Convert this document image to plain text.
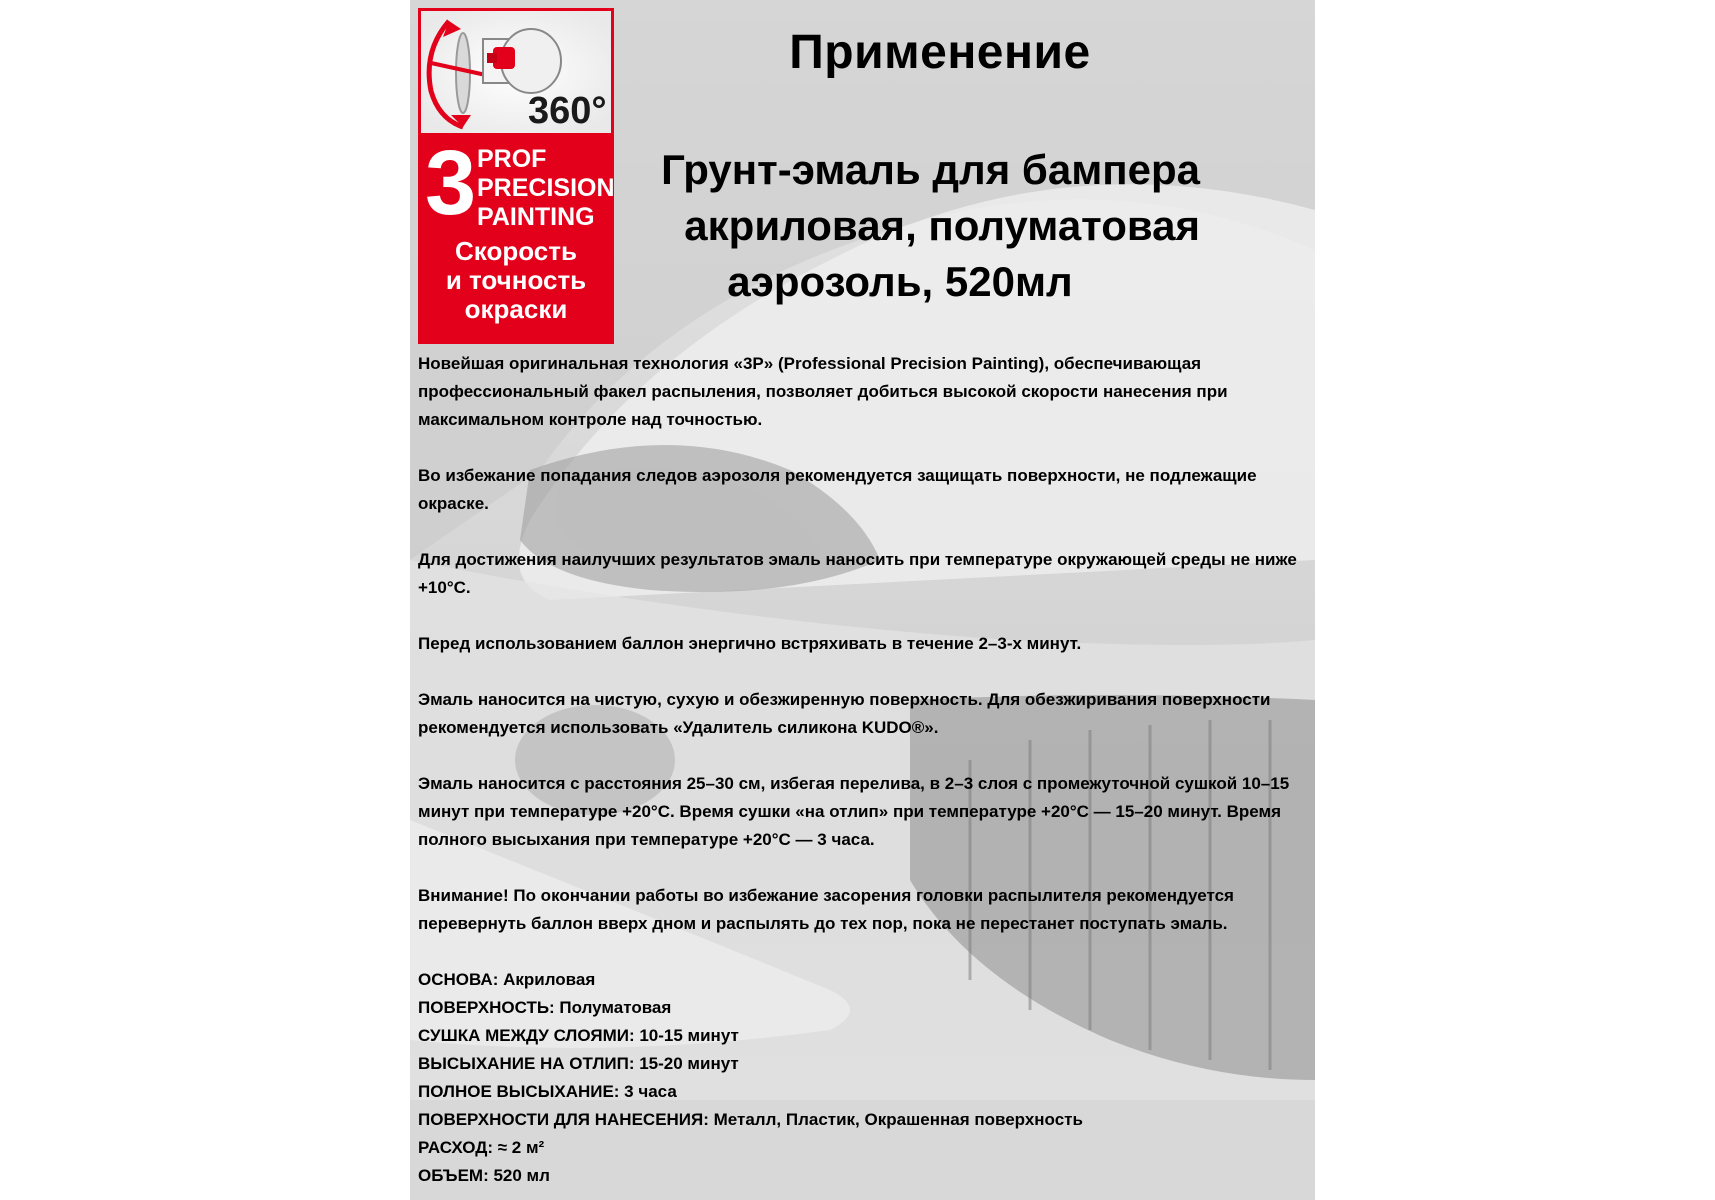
360°
3 PROF
PRECISION
PAINTING
Скорость
и точность
окраски
Применение
Грунт-эмаль для бампера
акриловая, полуматовая
аэрозоль, 520мл

Новейшая оригинальная технология «3Р» (Professional Precision Painting), обеспечивающая профессиональный факел распыления, позволяет добиться высокой скорости нанесения при максимальном контроле над точностью.

Во избежание попадания следов аэрозоля рекомендуется защищать поверхности, не подлежащие окраске.

Для достижения наилучших результатов эмаль наносить при температуре окружающей среды не ниже +10°С.

Перед использованием баллон энергично встряхивать в течение 2–3-х минут.

Эмаль наносится на чистую, сухую и обезжиренную поверхность. Для обезжиривания поверхности рекомендуется использовать «Удалитель силикона KUDO®».

Эмаль наносится с расстояния 25–30 см, избегая перелива, в 2–3 слоя с промежуточной сушкой 10–15 минут при температуре +20°С. Время сушки «на отлип» при температуре +20°С — 15–20 минут. Время полного высыхания при температуре +20°С — 3 часа.

Внимание! По окончании работы во избежание засорения головки распылителя рекомендуется перевернуть баллон вверх дном и распылять до тех пор, пока не перестанет поступать эмаль.

ОСНОВА: Акриловая
ПОВЕРХНОСТЬ: Полуматовая
СУШКА МЕЖДУ СЛОЯМИ: 10-15 минут
ВЫСЫХАНИЕ НА ОТЛИП: 15-20 минут
ПОЛНОЕ ВЫСЫХАНИЕ: 3 часа
ПОВЕРХНОСТИ ДЛЯ НАНЕСЕНИЯ: Металл, Пластик, Окрашенная поверхность
РАСХОД: ≈ 2 м²
ОБЪЕМ: 520 мл
